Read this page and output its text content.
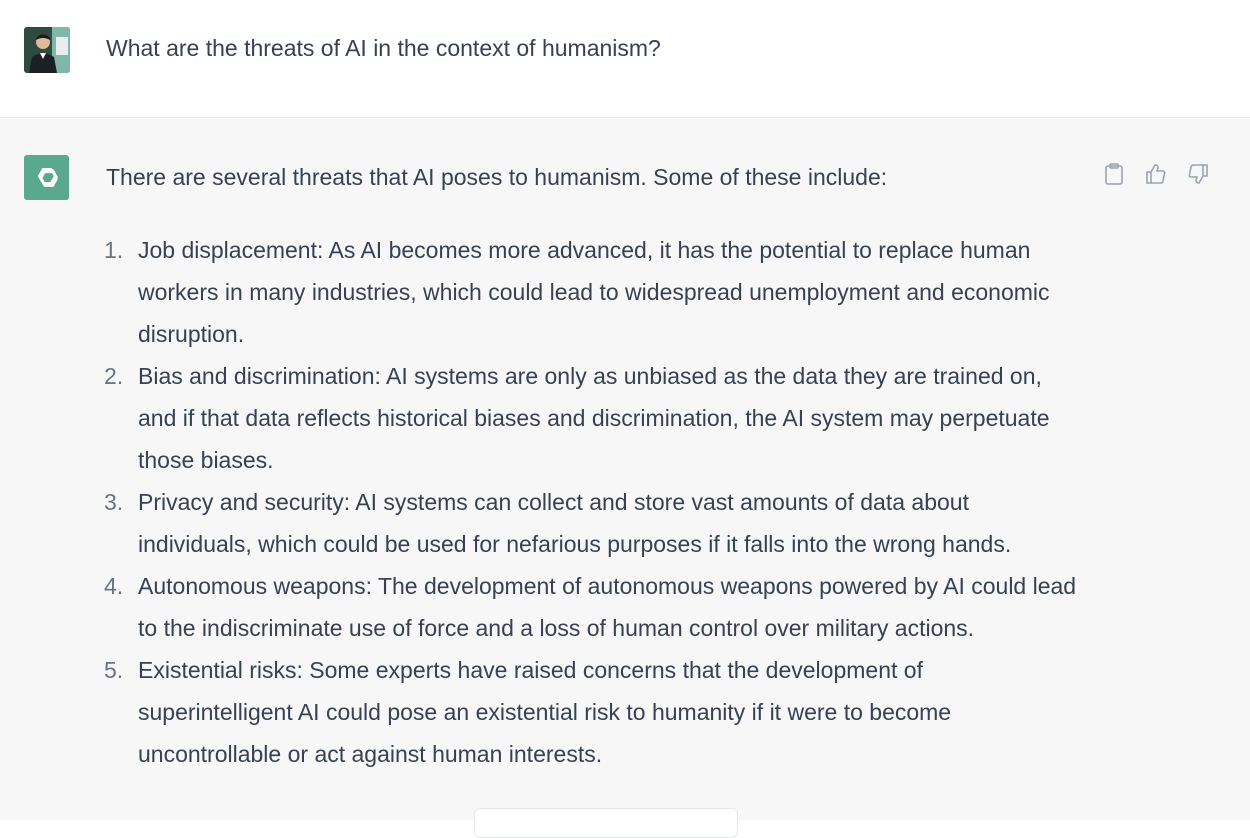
What are the threats of AI in the context of humanism?
There are several threats that AI poses to humanism. Some of these include:
1. Job displacement: As AI becomes more advanced, it has the potential to replace human workers in many industries, which could lead to widespread unemployment and economic disruption.
2. Bias and discrimination: AI systems are only as unbiased as the data they are trained on, and if that data reflects historical biases and discrimination, the AI system may perpetuate those biases.
3. Privacy and security: AI systems can collect and store vast amounts of data about individuals, which could be used for nefarious purposes if it falls into the wrong hands.
4. Autonomous weapons: The development of autonomous weapons powered by AI could lead to the indiscriminate use of force and a loss of human control over military actions.
5. Existential risks: Some experts have raised concerns that the development of superintelligent AI could pose an existential risk to humanity if it were to become uncontrollable or act against human interests.
